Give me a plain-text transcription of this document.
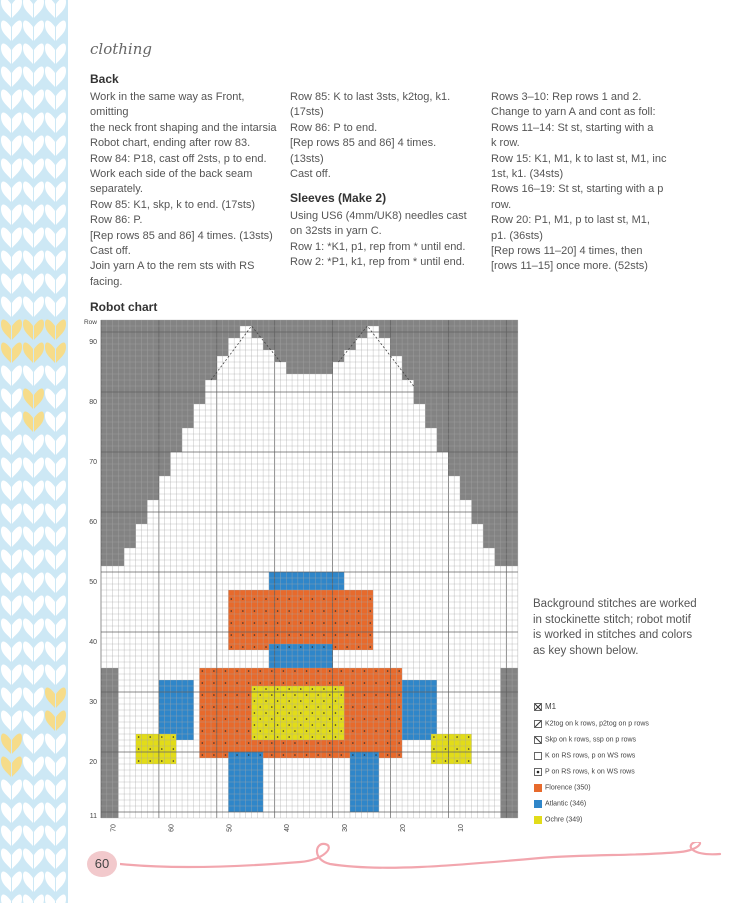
clothing
Back

Work in the same way as Front, omitting

the neck front shaping and the intarsia

Robot chart, ending after row 83.

Row 84: P18, cast off 2sts, p to end.

Work each side of the back seam

separately.

Row 85: K1, skp, k to end. (17sts)

Row 86: P.

[Rep rows 85 and 86] 4 times. (13sts)

Cast off.

Join yarn A to the rem sts with RS

facing.

Row 85: K to last 3sts, k2tog, k1.

(17sts)

Row 86: P to end.

[Rep rows 85 and 86] 4 times.

(13sts)

Cast off.

Sleeves (Make 2)

Using US6 (4mm/UK8) needles cast

on 32sts in yarn C.

Row 1: *K1, p1, rep from * until end.

Row 2: *P1, k1, rep from * until end.

Rows 3–10: Rep rows 1 and 2.

Change to yarn A and cont as foll:

Rows 11–14: St st, starting with a

k row.

Row 15: K1, M1, k to last st, M1, inc

1st, k1. (34sts)

Rows 16–19: St st, starting with a p

row.

Row 20: P1, M1, p to last st, M1,

p1. (36sts)

[Rep rows 11–20] 4 times, then

[rows 11–15] once more. (52sts)

Robot chart
90
80
70
60
50
40
30
20
11
Row
70	60	50	40	30	20	10
Background stitches are worked in stockinette stitch; robot motif is worked in stitches and colors as key shown below.
M1
K2tog on k rows, p2tog on p rows
Skp on k rows, ssp on p rows
K on RS rows, p on WS rows
P on RS rows, k on WS rows
Florence (350)
Atlantic (346)
Ochre (349)
60
